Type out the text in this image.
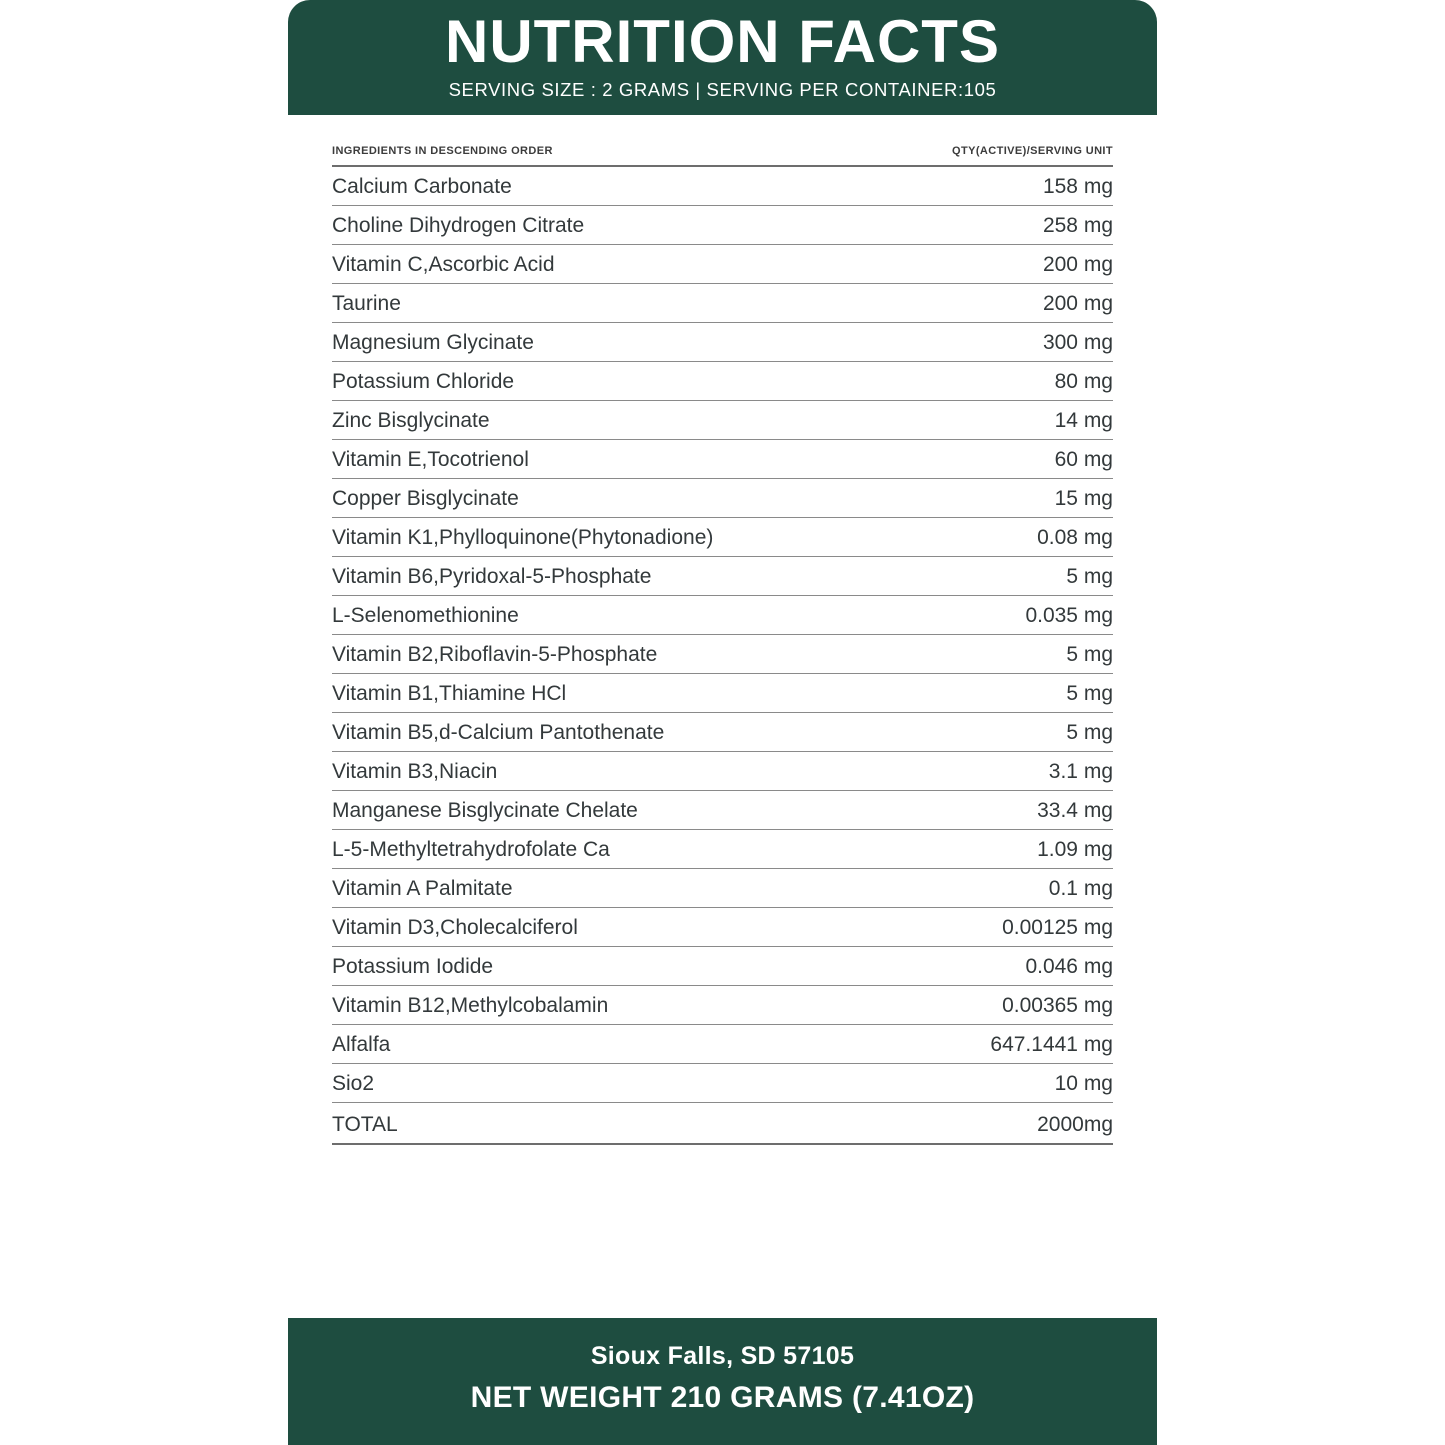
NUTRITION FACTS
SERVING SIZE : 2 GRAMS | SERVING PER CONTAINER:105
INGREDIENTS IN DESCENDING ORDER	QTY(ACTIVE)/SERVING UNIT
Calcium Carbonate	158 mg
Choline Dihydrogen Citrate	258 mg
Vitamin C,Ascorbic Acid	200 mg
Taurine	200 mg
Magnesium Glycinate	300 mg
Potassium Chloride	80 mg
Zinc Bisglycinate	14 mg
Vitamin E,Tocotrienol	60 mg
Copper Bisglycinate	15 mg
Vitamin K1,Phylloquinone(Phytonadione)	0.08 mg
Vitamin B6,Pyridoxal-5-Phosphate	5 mg
L-Selenomethionine	0.035 mg
Vitamin B2,Riboflavin-5-Phosphate	5 mg
Vitamin B1,Thiamine HCl	5 mg
Vitamin B5,d-Calcium Pantothenate	5 mg
Vitamin B3,Niacin	3.1 mg
Manganese Bisglycinate Chelate	33.4 mg
L-5-Methyltetrahydrofolate Ca	1.09 mg
Vitamin A Palmitate	0.1 mg
Vitamin D3,Cholecalciferol	0.00125 mg
Potassium Iodide	0.046 mg
Vitamin B12,Methylcobalamin	0.00365 mg
Alfalfa	647.1441 mg
Sio2	10 mg
TOTAL	2000mg
Sioux Falls, SD 57105
NET WEIGHT 210 GRAMS (7.41OZ)
